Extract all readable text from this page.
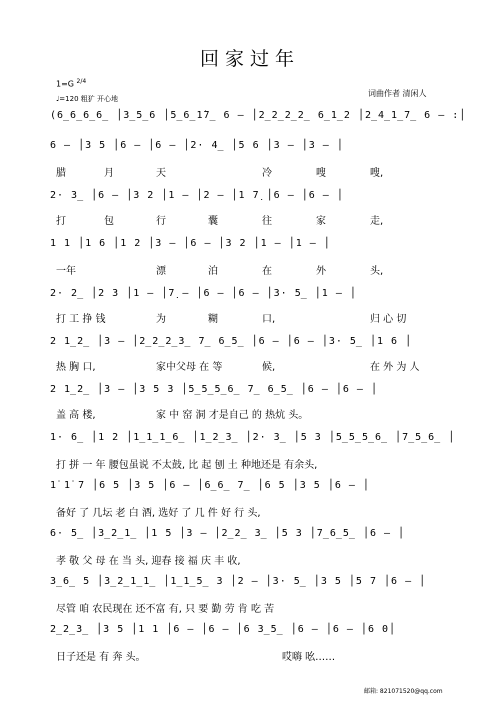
回家过年
1=G $^{2/4}$
♩=120 粗犷 开心地
词曲作者 清闲人
(6̲6̲6̲6̲ │3̲5̲6 │5̲6̲1̇7̲ 6 – │2̲2̲2̲2̲ 6̲1̲2 │2̲4̲1̲7̲ 6 – :│
6 – │3 5 │6 – │6 – │2· 4̲ │5 6 │3 – │3 – │
腊	月	天	冷	嗖	嗖,
2· 3̲ │6 – │3 2 │1 – │2 – │1 7̣ │6 – │6 – │
打	包	行	囊	往	家	走,
1 1 │1 6 │1 2 │3 – │6 – │3 2 │1 – │1 – │
一年	漂	泊	在	外	头,
2· 2̲ │2 3 │1 – │7̣ – │6 – │6 – │3· 5̲ │1 – │
打 工 挣 钱	为	糊	口,	归 心 切
2 1̲2̲ │3 – │2̲2̲2̲3̲ 7̲ 6̲5̲ │6 – │6 – │3· 5̲ │1 6 │
热 胸 口,	家中父母 在 等	候,	在 外 为 人
2 1̲2̲ │3 – │3 5 3 │5̲5̲5̲6̲ 7̲ 6̲5̲ │6 – │6 – │
盖 高 楼,	家 中 窑 洞 才是自己 的 热炕 头。
1· 6̲ │1 2 │1̲1̲1̲6̲ │1̲2̲3̲ │2· 3̲ │5 3 │5̲5̲5̲6̲ │7̲5̲6̲ │
打 拼 一 年 腰包虽说 不太鼓, 比 起 刨 土 种地还是 有余头,
1̇ 1̇ 7 │6 5 │3 5 │6 – │6̲6̲ 7̲ │6 5 │3 5 │6 – │
备好 了 几坛 老 白 酒, 选好 了 几 件 好 行 头,
6· 5̲ │3̲2̲1̲ │1 5 │3 – │2̲2̲ 3̲ │5 3 │7̲6̲5̲ │6 – │
孝 敬 父 母 在 当 头, 迎春 接 福 庆 丰 收,
3̲6̲ 5 │3̲2̲1̲1̲ │1̲1̲5̲ 3 │2 – │3· 5̲ │3 5 │5 7 │6 – │
尽管 咱 农民现在 还不富 有, 只 要 勤 劳 肯 吃 苦
2̲2̲3̲ │3 5 │1 1 │6 – │6 – │6 3̲5̲ │6 – │6 – │6 0│
日子还是 有 奔 头。	哎嗨 吆……
邮箱: 821071520@qq.com
